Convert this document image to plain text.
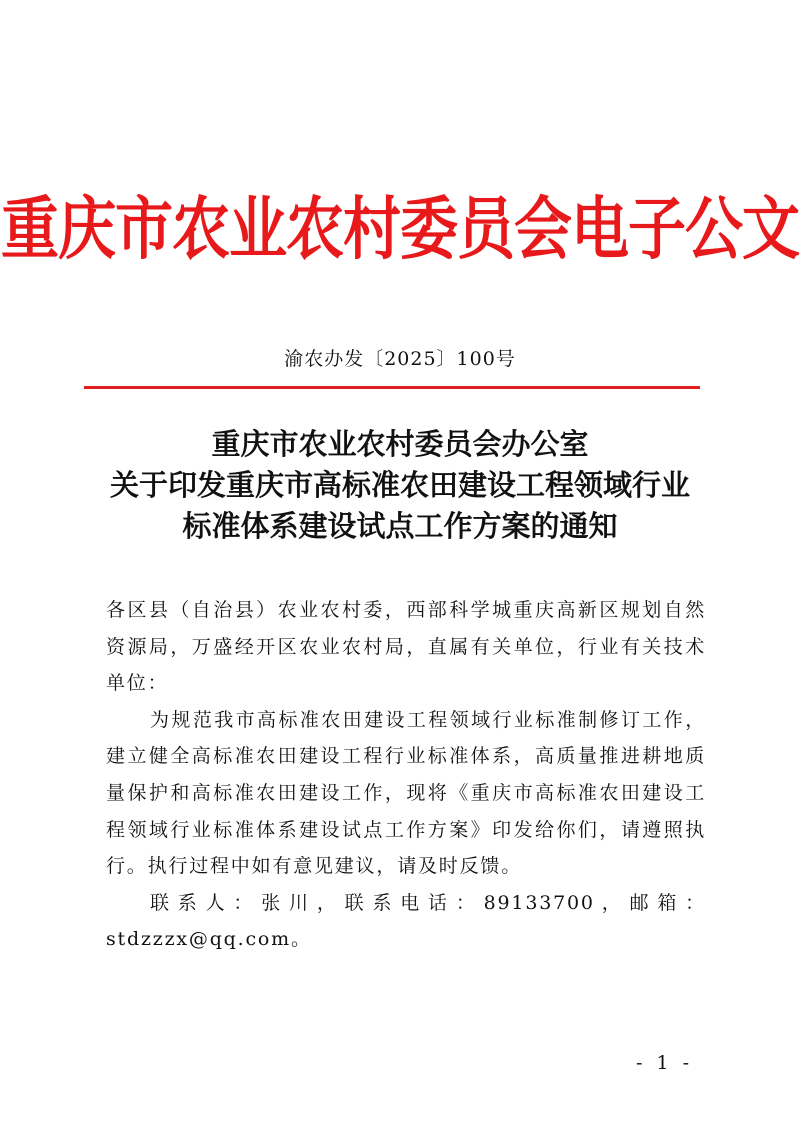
重庆市农业农村委员会电子公文
渝农办发〔2025〕100号
重庆市农业农村委员会办公室
关于印发重庆市高标准农田建设工程领域行业
标准体系建设试点工作方案的通知

各区县（自治县）农业农村委，西部科学城重庆高新区规划自然资源局，万盛经开区农业农村局，直属有关单位，行业有关技术单位：

为规范我市高标准农田建设工程领域行业标准制修订工作，建立健全高标准农田建设工程行业标准体系，高质量推进耕地质量保护和高标准农田建设工作，现将《重庆市高标准农田建设工程领域行业标准体系建设试点工作方案》印发给你们，请遵照执行。执行过程中如有意见建议，请及时反馈。

联系人：张川，联系电话：89133700，邮箱：stdzzzx@qq.com。

- 1 -
